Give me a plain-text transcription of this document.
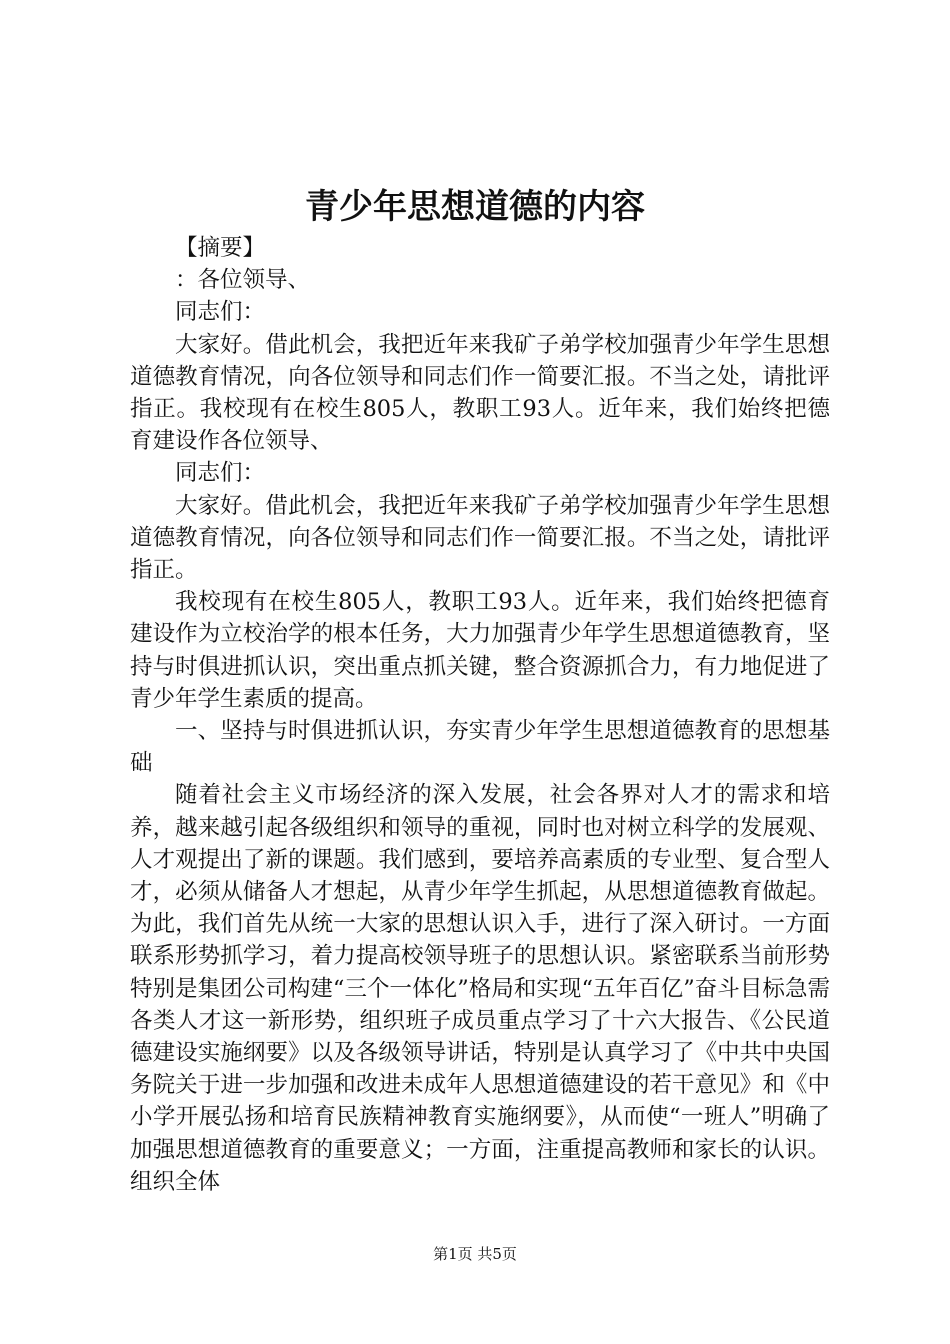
青少年思想道德的内容

【摘要】

：各位领导、

同志们：

大家好。借此机会，我把近年来我矿子弟学校加强青少年学生思想道德教育情况，向各位领导和同志们作一简要汇报。不当之处，请批评指正。我校现有在校生805人，教职工93人。近年来，我们始终把德育建设作各位领导、

同志们：

大家好。借此机会，我把近年来我矿子弟学校加强青少年学生思想道德教育情况，向各位领导和同志们作一简要汇报。不当之处，请批评指正。

我校现有在校生805人，教职工93人。近年来，我们始终把德育建设作为立校治学的根本任务，大力加强青少年学生思想道德教育，坚持与时俱进抓认识，突出重点抓关键，整合资源抓合力，有力地促进了青少年学生素质的提高。

一、坚持与时俱进抓认识，夯实青少年学生思想道德教育的思想基础

随着社会主义市场经济的深入发展，社会各界对人才的需求和培养，越来越引起各级组织和领导的重视，同时也对树立科学的发展观、人才观提出了新的课题。我们感到，要培养高素质的专业型、复合型人才，必须从储备人才想起，从青少年学生抓起，从思想道德教育做起。为此，我们首先从统一大家的思想认识入手，进行了深入研讨。一方面联系形势抓学习，着力提高校领导班子的思想认识。紧密联系当前形势特别是集团公司构建“三个一体化”格局和实现“五年百亿”奋斗目标急需各类人才这一新形势，组织班子成员重点学习了十六大报告、《公民道德建设实施纲要》以及各级领导讲话，特别是认真学习了《中共中央国务院关于进一步加强和改进未成年人思想道德建设的若干意见》和《中小学开展弘扬和培育民族精神教育实施纲要》，从而使“一班人”明确了加强思想道德教育的重要意义；一方面，注重提高教师和家长的认识。组织全体

第1页 共5页
